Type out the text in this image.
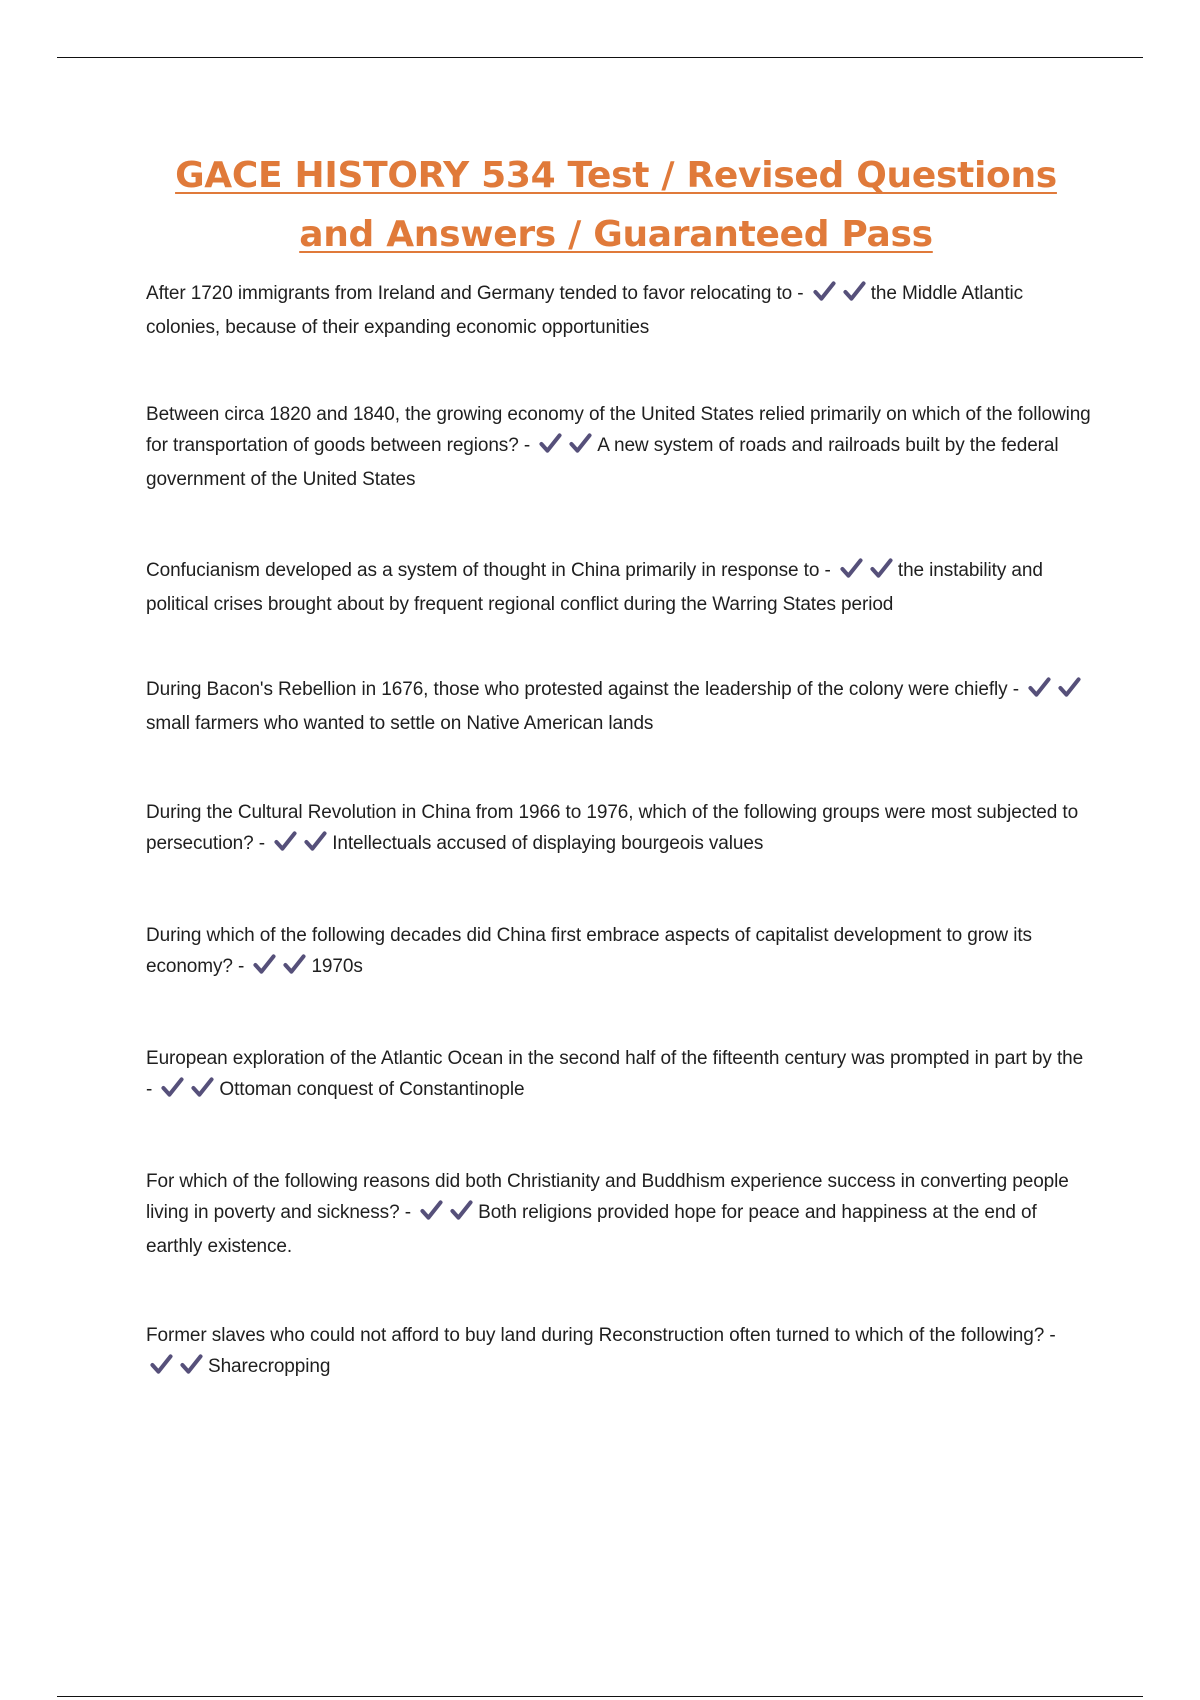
GACE HISTORY 534 Test / Revised Questions and Answers / Guaranteed Pass

After 1720 immigrants from Ireland and Germany tended to favor relocating to -	the Middle Atlantic colonies, because of their expanding economic opportunities

Between circa 1820 and 1840, the growing economy of the United States relied primarily on which of the following for transportation of goods between regions? -	A new system of roads and railroads built by the federal government of the United States

Confucianism developed as a system of thought in China primarily in response to -	the instability and political crises brought about by frequent regional conflict during the Warring States period

During Bacon's Rebellion in 1676, those who protested against the leadership of the colony were chiefly -
small farmers who wanted to settle on Native American lands

During the Cultural Revolution in China from 1966 to 1976, which of the following groups were most subjected to persecution? -	Intellectuals accused of displaying bourgeois values

During which of the following decades did China first embrace aspects of capitalist development to grow its economy? -	1970s

European exploration of the Atlantic Ocean in the second half of the fifteenth century was prompted in part by the -	Ottoman conquest of Constantinople

For which of the following reasons did both Christianity and Buddhism experience success in converting people living in poverty and sickness? -	Both religions provided hope for peace and happiness at the end of earthly existence.

Former slaves who could not afford to buy land during Reconstruction often turned to which of the following? -
Sharecropping
